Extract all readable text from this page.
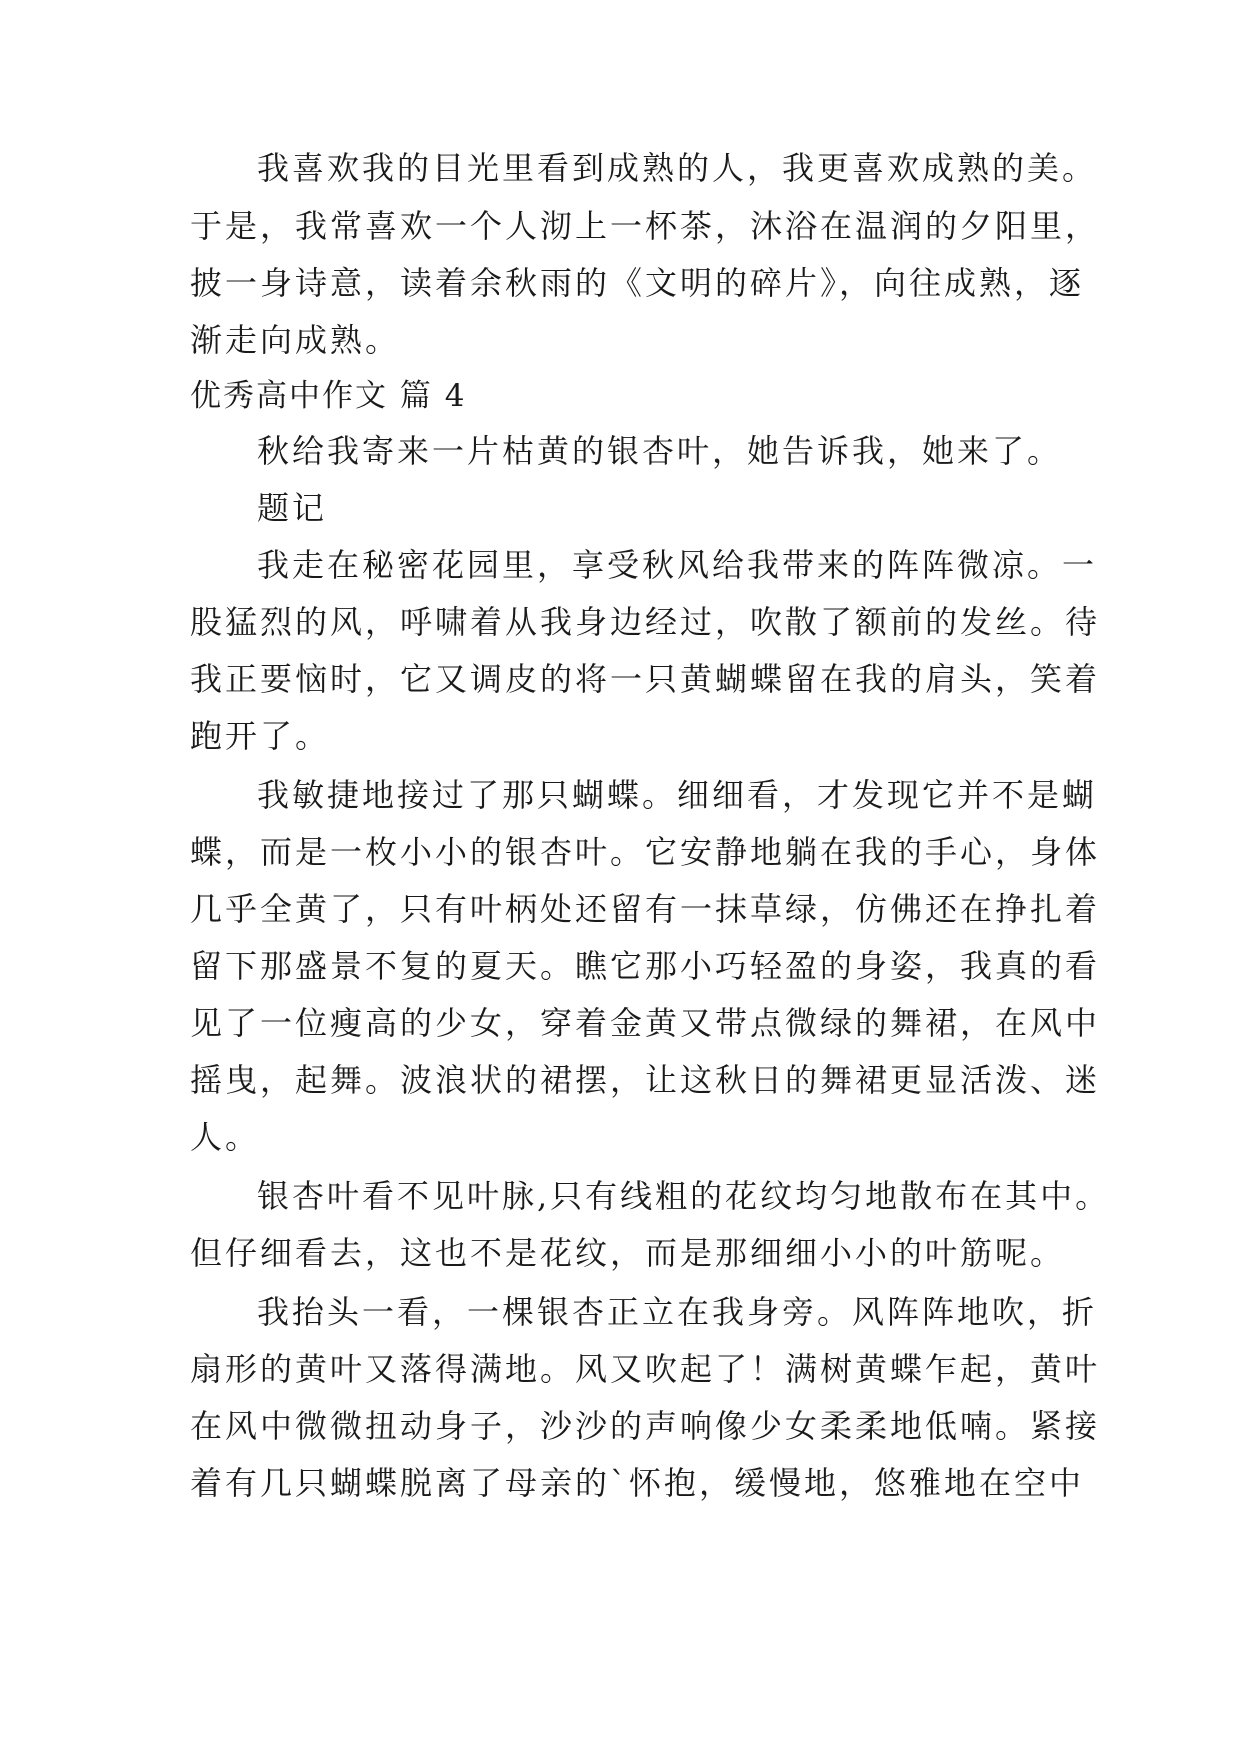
我喜欢我的目光里看到成熟的人，我更喜欢成熟的美。
于是，我常喜欢一个人沏上一杯茶，沐浴在温润的夕阳里，
披一身诗意，读着余秋雨的《文明的碎片》，向往成熟，逐
渐走向成熟。
优秀高中作文 篇 4
秋给我寄来一片枯黄的银杏叶，她告诉我，她来了。
题记
我走在秘密花园里，享受秋风给我带来的阵阵微凉。一
股猛烈的风，呼啸着从我身边经过，吹散了额前的发丝。待
我正要恼时，它又调皮的将一只黄蝴蝶留在我的肩头，笑着
跑开了。
我敏捷地接过了那只蝴蝶。细细看，才发现它并不是蝴
蝶，而是一枚小小的银杏叶。它安静地躺在我的手心，身体
几乎全黄了，只有叶柄处还留有一抹草绿，仿佛还在挣扎着
留下那盛景不复的夏天。瞧它那小巧轻盈的身姿，我真的看
见了一位瘦高的少女，穿着金黄又带点微绿的舞裙，在风中
摇曳，起舞。波浪状的裙摆，让这秋日的舞裙更显活泼、迷
人。
银杏叶看不见叶脉,只有线粗的花纹均匀地散布在其中。
但仔细看去，这也不是花纹，而是那细细小小的叶筋呢。
我抬头一看，一棵银杏正立在我身旁。风阵阵地吹，折
扇形的黄叶又落得满地。风又吹起了！满树黄蝶乍起，黄叶
在风中微微扭动身子，沙沙的声响像少女柔柔地低喃。紧接
着有几只蝴蝶脱离了母亲的`怀抱，缓慢地，悠雅地在空中
